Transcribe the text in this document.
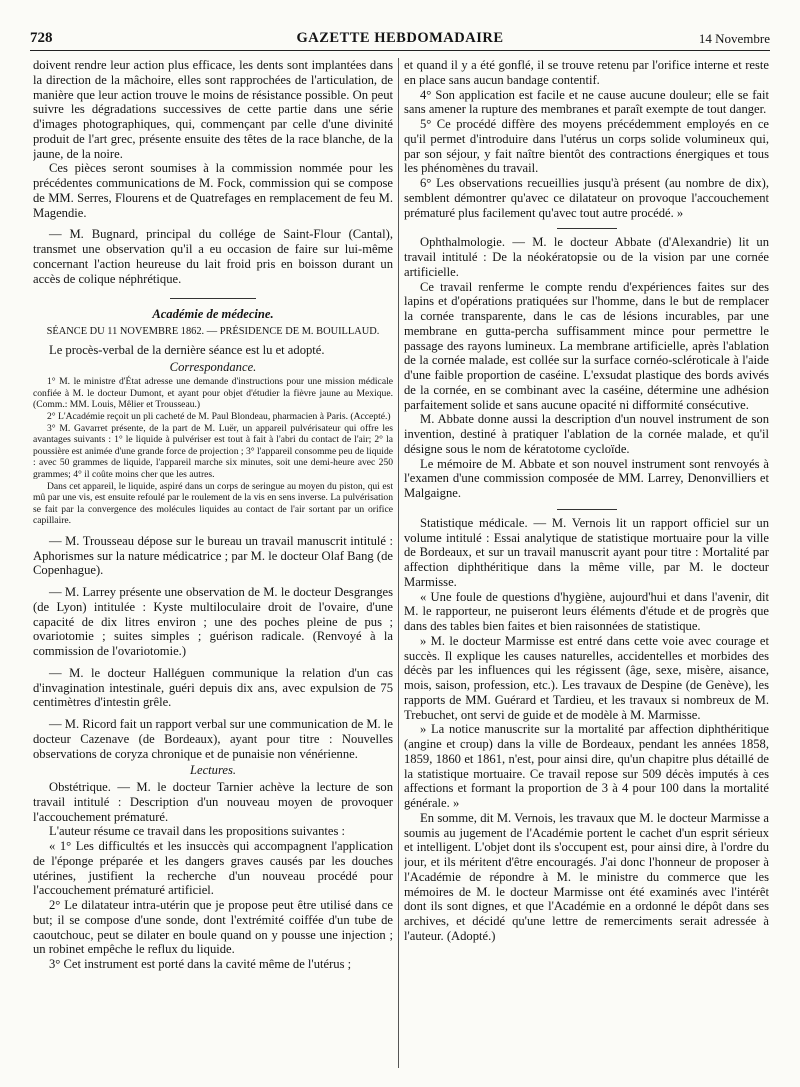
728	GAZETTE HEBDOMADAIRE	14 Novembre

doivent rendre leur action plus efficace, les dents sont implantées dans la direction de la mâchoire, elles sont rapprochées de l'articulation, de manière que leur action trouve le moins de résistance possible. On peut suivre les dégradations successives de cette partie dans une série d'images photographiques, qui, commençant par celle d'une divinité produit de l'art grec, présente ensuite des têtes de la race blanche, de la jaune, de la noire.

Ces pièces seront soumises à la commission nommée pour les précédentes communications de M. Fock, commission qui se compose de MM. Serres, Flourens et de Quatrefages en remplacement de feu M. Magendie.

— M. Bugnard, principal du collége de Saint-Flour (Cantal), transmet une observation qu'il a eu occasion de faire sur lui-même concernant l'action heureuse du lait froid pris en boisson durant un accès de colique néphrétique.

Académie de médecine.
SÉANCE DU 11 NOVEMBRE 1862. — PRÉSIDENCE DE M. BOUILLAUD.

Le procès-verbal de la dernière séance est lu et adopté.

Correspondance.

1° M. le ministre d'État adresse une demande d'instructions pour une mission médicale confiée à M. le docteur Dumont, et ayant pour objet d'étudier la fièvre jaune au Mexique. (Comm.: MM. Louis, Mêlier et Trousseau.)

2° L'Académie reçoit un pli cacheté de M. Paul Blondeau, pharmacien à Paris. (Accepté.)

3° M. Gavarret présente, de la part de M. Luër, un appareil pulvérisateur qui offre les avantages suivants : 1° le liquide à pulvériser est tout à fait à l'abri du contact de l'air; 2° la poussière est animée d'une grande force de projection ; 3° l'appareil consomme peu de liquide : avec 50 grammes de liquide, l'appareil marche six minutes, soit une demi-heure avec 250 grammes; 4° il coûte moins cher que les autres.

Dans cet appareil, le liquide, aspiré dans un corps de seringue au moyen du piston, qui est mû par une vis, est ensuite refoulé par le roulement de la vis en sens inverse. La pulvérisation se fait par la convergence des molécules liquides au contact de l'air sortant par un orifice capillaire.

— M. Trousseau dépose sur le bureau un travail manuscrit intitulé : Aphorismes sur la nature médicatrice ; par M. le docteur Olaf Bang (de Copenhague).

— M. Larrey présente une observation de M. le docteur Desgranges (de Lyon) intitulée : Kyste multiloculaire droit de l'ovaire, d'une capacité de dix litres environ ; une des poches pleine de pus ; ovariotomie ; suites simples ; guérison radicale. (Renvoyé à la commission de l'ovariotomie.)

— M. le docteur Halléguen communique la relation d'un cas d'invagination intestinale, guéri depuis dix ans, avec expulsion de 75 centimètres d'intestin grêle.

— M. Ricord fait un rapport verbal sur une communication de M. le docteur Cazenave (de Bordeaux), ayant pour titre : Nouvelles observations de coryza chronique et de punaisie non vénérienne.

Lectures.

Obstétrique. — M. le docteur Tarnier achève la lecture de son travail intitulé : Description d'un nouveau moyen de provoquer l'accouchement prématuré.

L'auteur résume ce travail dans les propositions suivantes :

« 1° Les difficultés et les insuccès qui accompagnent l'application de l'éponge préparée et les dangers graves causés par les douches utérines, justifient la recherche d'un nouveau procédé pour l'accouchement prématuré artificiel.

2° Le dilatateur intra-utérin que je propose peut être utilisé dans ce but; il se compose d'une sonde, dont l'extrémité coiffée d'un tube de caoutchouc, peut se dilater en boule quand on y pousse une injection ; un robinet empêche le reflux du liquide.

3° Cet instrument est porté dans la cavité même de l'utérus ;

et quand il y a été gonflé, il se trouve retenu par l'orifice interne et reste en place sans aucun bandage contentif.

4° Son application est facile et ne cause aucune douleur; elle se fait sans amener la rupture des membranes et paraît exempte de tout danger.

5° Ce procédé diffère des moyens précédemment employés en ce qu'il permet d'introduire dans l'utérus un corps solide volumineux qui, par son séjour, y fait naître bientôt des contractions énergiques et tous les phénomènes du travail.

6° Les observations recueillies jusqu'à présent (au nombre de dix), semblent démontrer qu'avec ce dilatateur on provoque l'accouchement prématuré plus facilement qu'avec tout autre procédé. »

Ophthalmologie. — M. le docteur Abbate (d'Alexandrie) lit un travail intitulé : De la néokératopsie ou de la vision par une cornée artificielle.

Ce travail renferme le compte rendu d'expériences faites sur des lapins et d'opérations pratiquées sur l'homme, dans le but de remplacer la cornée transparente, dans le cas de lésions incurables, par une membrane en gutta-percha suffisamment mince pour permettre le passage des rayons lumineux. La membrane artificielle, après l'ablation de la cornée malade, est collée sur la surface cornéo-scléroticale à l'aide d'une faible proportion de caséine. L'exsudat plastique des bords avivés de la cornée, en se combinant avec la caséine, détermine une adhésion parfaitement solide et sans aucune opacité ni difformité consécutive.

M. Abbate donne aussi la description d'un nouvel instrument de son invention, destiné à pratiquer l'ablation de la cornée malade, et qu'il désigne sous le nom de kératotome cycloïde.

Le mémoire de M. Abbate et son nouvel instrument sont renvoyés à l'examen d'une commission composée de MM. Larrey, Denonvilliers et Malgaigne.

Statistique médicale. — M. Vernois lit un rapport officiel sur un volume intitulé : Essai analytique de statistique mortuaire pour la ville de Bordeaux, et sur un travail manuscrit ayant pour titre : Mortalité par affection diphthéritique dans la même ville, par M. le docteur Marmisse.

« Une foule de questions d'hygiène, aujourd'hui et dans l'avenir, dit M. le rapporteur, ne puiseront leurs éléments d'étude et de progrès que dans des tables bien faites et bien raisonnées de statistique.

» M. le docteur Marmisse est entré dans cette voie avec courage et succès. Il explique les causes naturelles, accidentelles et morbides des décès par les influences qui les régissent (âge, sexe, misère, aisance, mois, saison, profession, etc.). Les travaux de Despine (de Genève), les rapports de MM. Guérard et Tardieu, et les travaux si nombreux de M. Trebuchet, ont servi de guide et de modèle à M. Marmisse.

» La notice manuscrite sur la mortalité par affection diphthéritique (angine et croup) dans la ville de Bordeaux, pendant les années 1858, 1859, 1860 et 1861, n'est, pour ainsi dire, qu'un chapitre plus détaillé de la statistique mortuaire. Ce travail repose sur 509 décès imputés à ces affections et formant la proportion de 3 à 4 pour 100 dans la mortalité générale. »

En somme, dit M. Vernois, les travaux que M. le docteur Marmisse a soumis au jugement de l'Académie portent le cachet d'un esprit sérieux et intelligent. L'objet dont ils s'occupent est, pour ainsi dire, à l'ordre du jour, et ils méritent d'être encouragés. J'ai donc l'honneur de proposer à l'Académie de répondre à M. le ministre du commerce que les mémoires de M. le docteur Marmisse ont été examinés avec l'intérêt dont ils sont dignes, et que l'Académie en a ordonné le dépôt dans ses archives, et décidé qu'une lettre de remerciments serait adressée à l'auteur. (Adopté.)
